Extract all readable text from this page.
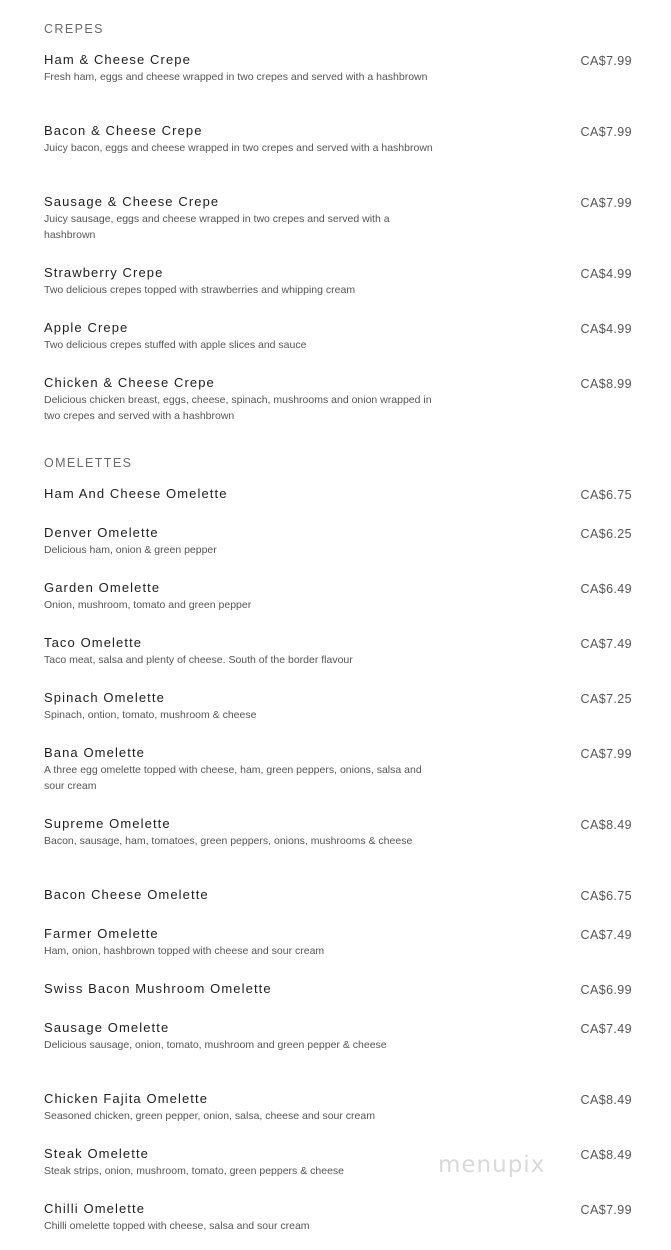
CREPES
Ham & Cheese Crepe
Fresh ham, eggs and cheese wrapped in two crepes and served with a hashbrown
CA$7.99
Bacon & Cheese Crepe
Juicy bacon, eggs and cheese wrapped in two crepes and served with a hashbrown
CA$7.99
Sausage & Cheese Crepe
Juicy sausage, eggs and cheese wrapped in two crepes and served with a hashbrown
CA$7.99
Strawberry Crepe
Two delicious crepes topped with strawberries and whipping cream
CA$4.99
Apple Crepe
Two delicious crepes stuffed with apple slices and sauce
CA$4.99
Chicken & Cheese Crepe
Delicious chicken breast, eggs, cheese, spinach, mushrooms and onion wrapped in two crepes and served with a hashbrown
CA$8.99
OMELETTES
Ham And Cheese Omelette	CA$6.75
Denver Omelette
Delicious ham, onion & green pepper
CA$6.25
Garden Omelette
Onion, mushroom, tomato and green pepper
CA$6.49
Taco Omelette
Taco meat, salsa and plenty of cheese. South of the border flavour
CA$7.49
Spinach Omelette
Spinach, ontion, tomato, mushroom & cheese
CA$7.25
Bana Omelette
A three egg omelette topped with cheese, ham, green peppers, onions, salsa and sour cream
CA$7.99
Supreme Omelette
Bacon, sausage, ham, tomatoes, green peppers, onions, mushrooms & cheese
CA$8.49
Bacon Cheese Omelette	CA$6.75
Farmer Omelette
Ham, onion, hashbrown topped with cheese and sour cream
CA$7.49
Swiss Bacon Mushroom Omelette	CA$6.99
Sausage Omelette
Delicious sausage, onion, tomato, mushroom and green pepper & cheese
CA$7.49
Chicken Fajita Omelette
Seasoned chicken, green pepper, onion, salsa, cheese and sour cream
CA$8.49
Steak Omelette
Steak strips, onion, mushroom, tomato, green peppers & cheese
CA$8.49
Chilli Omelette
Chilli omelette topped with cheese, salsa and sour cream
CA$7.99
menupix
